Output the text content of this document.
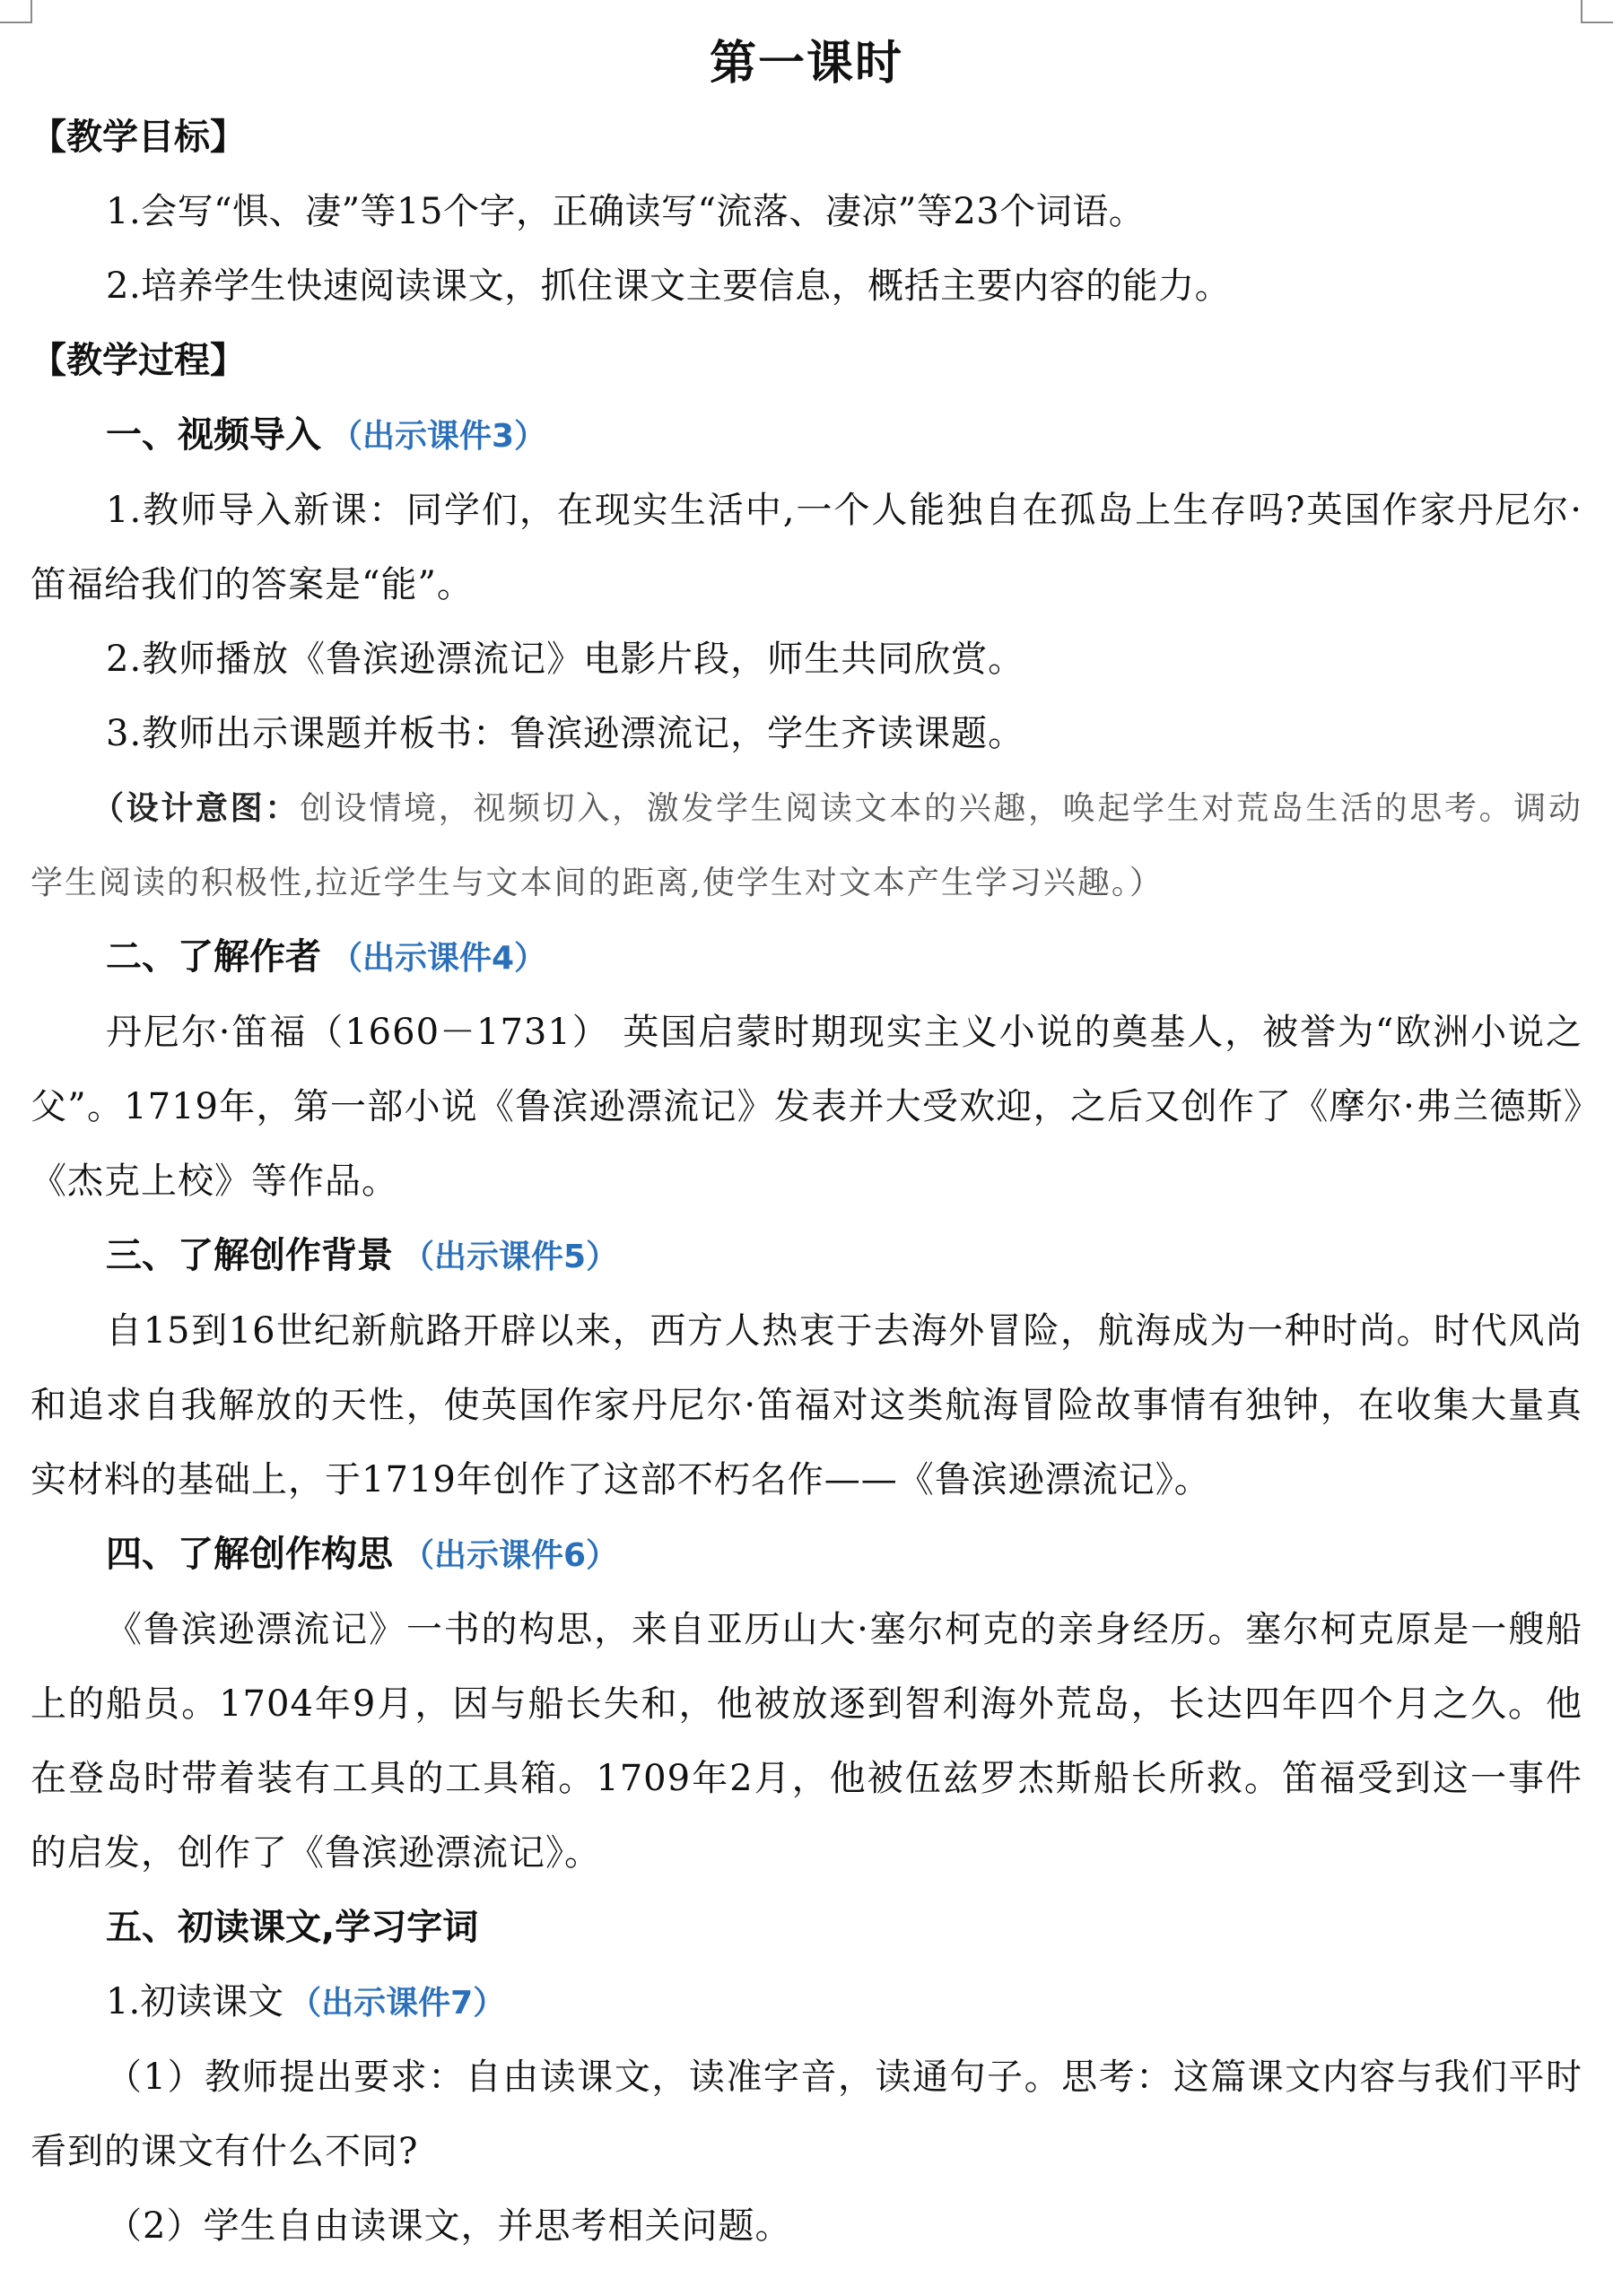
第一课时
【教学目标】
1.会写“惧、凄”等15个字，正确读写“流落、凄凉”等23个词语。
2.培养学生快速阅读课文，抓住课文主要信息，概括主要内容的能力。
【教学过程】
一、视频导入 （出示课件3）
1.教师导入新课：同学们，在现实生活中,一个人能独自在孤岛上生存吗?英国作家丹尼尔·笛福给我们的答案是“能”。
2.教师播放《鲁滨逊漂流记》电影片段，师生共同欣赏。
3.教师出示课题并板书：鲁滨逊漂流记，学生齐读课题。
（设计意图：创设情境，视频切入，激发学生阅读文本的兴趣，唤起学生对荒岛生活的思考。调动学生阅读的积极性,拉近学生与文本间的距离,使学生对文本产生学习兴趣。）
二、了解作者 （出示课件4）
丹尼尔·笛福（1660－1731） 英国启蒙时期现实主义小说的奠基人，被誉为“欧洲小说之父”。1719年，第一部小说《鲁滨逊漂流记》发表并大受欢迎，之后又创作了《摩尔·弗兰德斯》《杰克上校》等作品。
三、了解创作背景 （出示课件5）
自15到16世纪新航路开辟以来，西方人热衷于去海外冒险，航海成为一种时尚。时代风尚和追求自我解放的天性，使英国作家丹尼尔·笛福对这类航海冒险故事情有独钟，在收集大量真实材料的基础上，于1719年创作了这部不朽名作——《鲁滨逊漂流记》。
四、了解创作构思 （出示课件6）
《鲁滨逊漂流记》一书的构思，来自亚历山大·塞尔柯克的亲身经历。塞尔柯克原是一艘船上的船员。1704年9月，因与船长失和，他被放逐到智利海外荒岛，长达四年四个月之久。他在登岛时带着装有工具的工具箱。1709年2月，他被伍兹罗杰斯船长所救。笛福受到这一事件的启发，创作了《鲁滨逊漂流记》。
五、初读课文,学习字词
1.初读课文 （出示课件7）
（1）教师提出要求：自由读课文，读准字音，读通句子。思考：这篇课文内容与我们平时看到的课文有什么不同?
（2）学生自由读课文，并思考相关问题。
